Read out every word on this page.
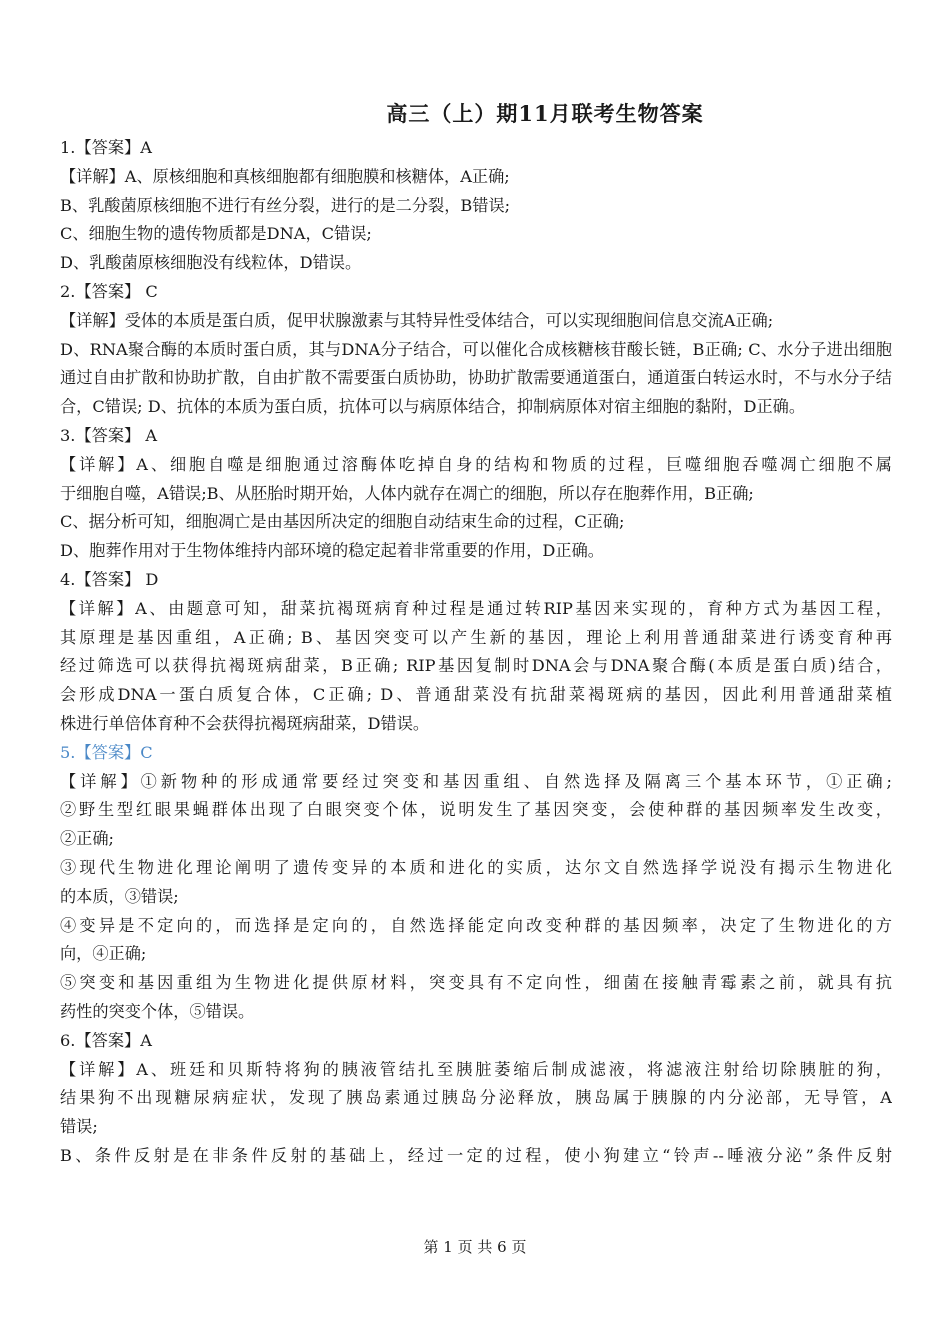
高三（上）期11月联考生物答案
1.【答案】A
【详解】A、原核细胞和真核细胞都有细胞膜和核糖体，A正确;
B、乳酸菌原核细胞不进行有丝分裂，进行的是二分裂，B错误;
C、细胞生物的遗传物质都是DNA，C错误;
D、乳酸菌原核细胞没有线粒体，D错误。
2.【答案】 C
【详解】受体的本质是蛋白质，促甲状腺激素与其特异性受体结合，可以实现细胞间信息交流A正确;
D、RNA聚合酶的本质时蛋白质，其与DNA分子结合，可以催化合成核糖核苷酸长链，B正确; C、水分子进出细胞
通过自由扩散和协助扩散，自由扩散不需要蛋白质协助，协助扩散需要通道蛋白，通道蛋白转运水时，不与水分子结
合，C错误; D、抗体的本质为蛋白质，抗体可以与病原体结合，抑制病原体对宿主细胞的黏附，D正确。
3.【答案】 A
【详解】A、细胞自噬是细胞通过溶酶体吃掉自身的结构和物质的过程，巨噬细胞吞噬凋亡细胞不属
于细胞自噬，A错误;B、从胚胎时期开始，人体内就存在凋亡的细胞，所以存在胞葬作用，B正确;
C、据分析可知，细胞凋亡是由基因所决定的细胞自动结束生命的过程，C正确;
D、胞葬作用对于生物体维持内部环境的稳定起着非常重要的作用，D正确。
4.【答案】 D
【详解】A、由题意可知，甜菜抗褐斑病育种过程是通过转RIP基因来实现的，育种方式为基因工程，
其原理是基因重组，A正确; B、基因突变可以产生新的基因，理论上利用普通甜菜进行诱变育种再
经过筛选可以获得抗褐斑病甜菜，B正确; RIP基因复制时DNA会与DNA聚合酶(本质是蛋白质)结合，
会形成DNA一蛋白质复合体，C正确; D、普通甜菜没有抗甜菜褐斑病的基因，因此利用普通甜菜植
株进行单倍体育种不会获得抗褐斑病甜菜，D错误。
5.【答案】C
【详解】①新物种的形成通常要经过突变和基因重组、自然选择及隔离三个基本环节，①正确;
②野生型红眼果蝇群体出现了白眼突变个体，说明发生了基因突变，会使种群的基因频率发生改变，
②正确;
③现代生物进化理论阐明了遗传变异的本质和进化的实质，达尔文自然选择学说没有揭示生物进化
的本质，③错误;
④变异是不定向的，而选择是定向的，自然选择能定向改变种群的基因频率，决定了生物进化的方
向，④正确;
⑤突变和基因重组为生物进化提供原材料，突变具有不定向性，细菌在接触青霉素之前，就具有抗
药性的突变个体，⑤错误。
6.【答案】A
【详解】A、班廷和贝斯特将狗的胰液管结扎至胰脏萎缩后制成滤液，将滤液注射给切除胰脏的狗，
结果狗不出现糖尿病症状，发现了胰岛素通过胰岛分泌释放，胰岛属于胰腺的内分泌部，无导管，A
错误;
B、条件反射是在非条件反射的基础上，经过一定的过程，使小狗建立“铃声--唾液分泌”条件反射
第 1 页 共 6 页
